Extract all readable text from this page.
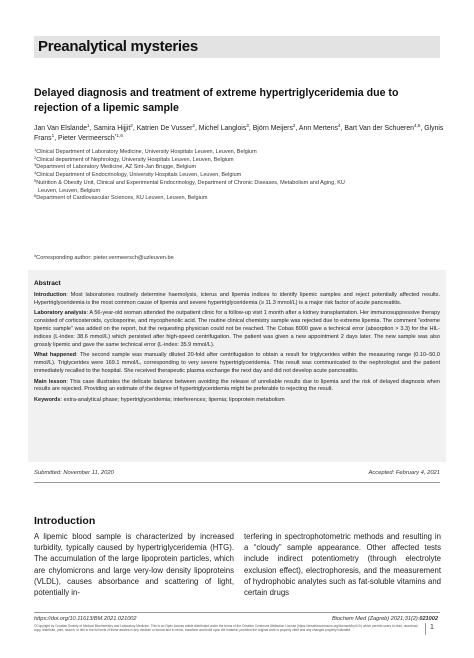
Preanalytical mysteries
Delayed diagnosis and treatment of extreme hypertriglyceridemia due to rejection of a lipemic sample
Jan Van Elslande$^1$, Samira Hijjit$^2$, Katrien De Vusser$^2$, Michel Langlois$^3$, Björn Meijers$^2$, Ann Mertens$^4$, Bart Van der Schueren$^{4,5}$, Glynis Frans$^1$, Pieter Vermeersch$^{*1,6}$
$^1$Clinical Department of Laboratory Medicine, University Hospitals Leuven, Leuven, Belgium
$^2$Clinical department of Nephrology, University Hospitals Leuven, Leuven, Belgium
$^3$Department of Laboratory Medicine, AZ Sint-Jan Brugge, Belgium
$^4$Clinical Department of Endocrinology, University Hospitals Leuven, Leuven, Belgium
$^5$Nutrition & Obesity Unit, Clinical and Experimental Endocrinology, Department of Chronic Diseases, Metabolism and Aging, KU
Leuven, Leuven, Belgium
$^6$Department of Cardiovascular Sciences, KU Leuven, Leuven, Belgium
*Corresponding author: pieter.vermeersch@uzleuven.be
Abstract
Introduction: Most laboratories routinely determine haemolysis, icterus and lipemia indices to identify lipemic samples and reject potentially affected results. Hypertriglyceridemia is the most common cause of lipemia and severe hypertriglyceridemia (≥ 11.3 mmol/L) is a major risk factor of acute pancreatitis.
Laboratory analysis: A 56-year-old woman attended the outpatient clinic for a follow-up visit 1 month after a kidney transplantation. Her immunosuppressive therapy consisted of corticosteroids, cyclosporine, and mycophenolic acid. The routine clinical chemistry sample was rejected due to extreme lipemia. The comment “extreme lipemic sample” was added on the report, but the requesting physician could not be reached. The Cobas 8000 gave a technical error (absorption > 3.3) for the HIL-indices (L-index: 38.6 mmol/L) which persisted after high-speed centrifugation. The patient was given a new appointment 2 days later. The new sample was also grossly lipemic and gave the same technical error (L-index: 35.9 mmol/L).
What happened: The second sample was manually diluted 20-fold after centrifugation to obtain a result for triglycerides within the measuring range (0.10–50.0 mmol/L). Triglycerides were 169.1 mmol/L, corresponding to very severe hypertriglyceridemia. This result was communicated to the nephrologist and the patient immediately recalled to the hospital. She received therapeutic plasma exchange the next day and did not develop acute pancreatitis.
Main lesson: This case illustrates the delicate balance between avoiding the release of unreliable results due to lipemia and the risk of delayed diagnosis when results are rejected. Providing an estimate of the degree of hypertriglyceridemia might be preferable to rejecting the result.
Keywords: extra-analytical phase; hypertriglyceridemia; interferences; lipemia; lipoprotein metabolism
Submitted: November 11, 2020	Accepted: February 4, 2021
Introduction
A lipemic blood sample is characterized by increased turbidity, typically caused by hypertriglyceridemia (HTG). The accumulation of the large lipoprotein particles, which are chylomicrons and large very-low density lipoproteins (VLDL), causes absorbance and scattering of light, potentially in-
terfering in spectrophotometric methods and resulting in a “cloudy” sample appearance. Other affected tests include indirect potentiometry (through electrolyte exclusion effect), electrophoresis, and the measurement of hydrophobic analytes such as fat-soluble vitamins and certain drugs
https://doi.org/10.11613/BM.2021.021002	Biochem Med (Zagreb) 2021;31(2):021002
©Copyright by Croatian Society of Medical Biochemistry and Laboratory Medicine. This is an Open Access article distributed under the terms of the Creative Commons Attribution License (https://creativecommons.org/licenses/by/4.0/) which permits users to read, download, copy, distribute, print, search, or link to the full texts of these articles in any medium or format and to remix, transform and build upon the material, provided the original work is properly cited and any changes properly indicated.	1
